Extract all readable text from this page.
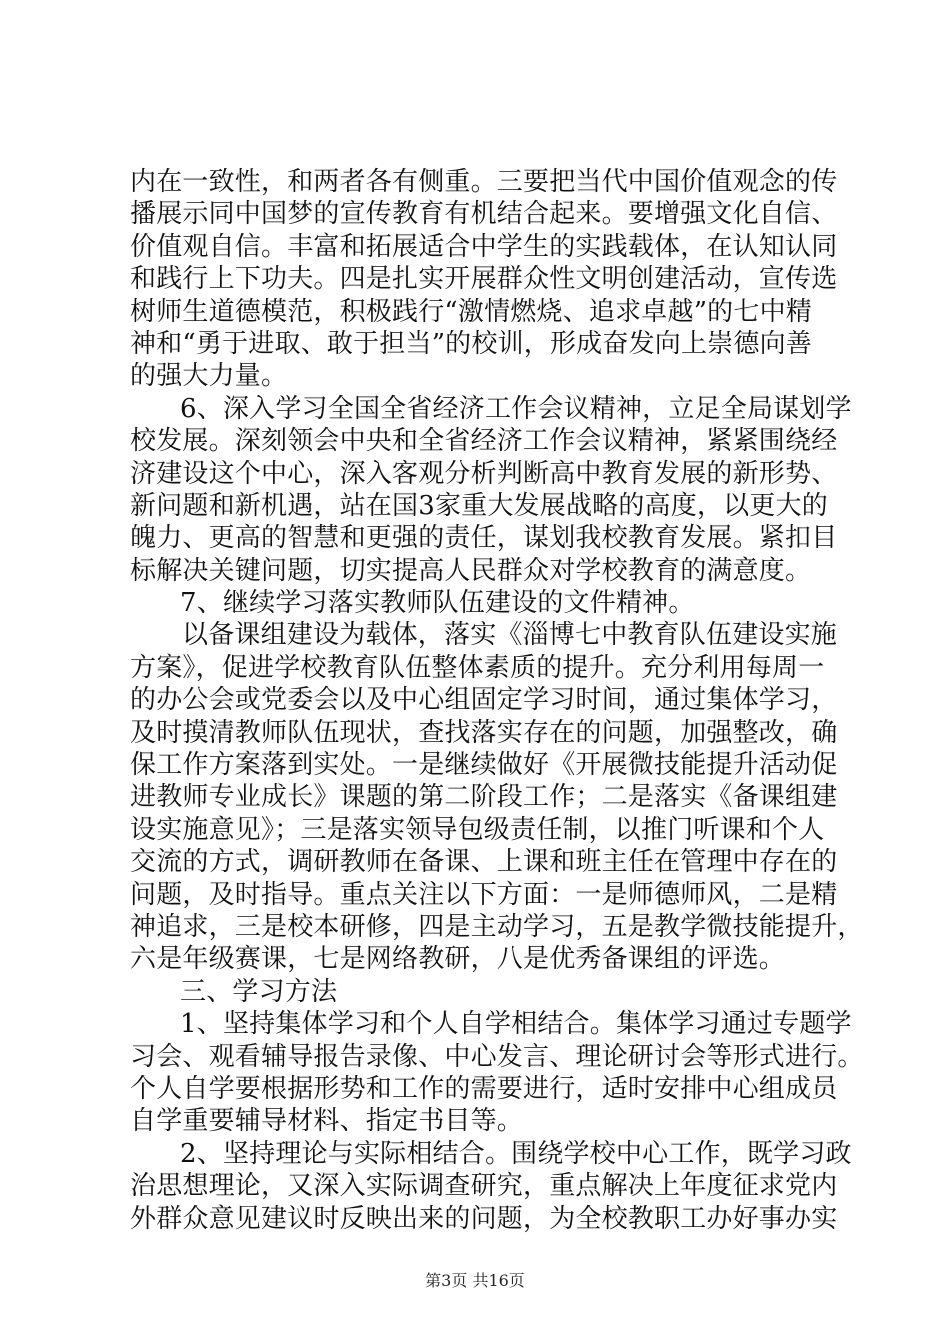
内在一致性，和两者各有侧重。三要把当代中国价值观念的传
播展示同中国梦的宣传教育有机结合起来。要增强文化自信、
价值观自信。丰富和拓展适合中学生的实践载体，在认知认同
和践行上下功夫。四是扎实开展群众性文明创建活动，宣传选
树师生道德模范，积极践行“激情燃烧、追求卓越”的七中精
神和“勇于进取、敢于担当”的校训，形成奋发向上崇德向善
的强大力量。
6、深入学习全国全省经济工作会议精神，立足全局谋划学
校发展。深刻领会中央和全省经济工作会议精神，紧紧围绕经
济建设这个中心，深入客观分析判断高中教育发展的新形势、
新问题和新机遇，站在国3家重大发展战略的高度，以更大的
魄力、更高的智慧和更强的责任，谋划我校教育发展。紧扣目
标解决关键问题，切实提高人民群众对学校教育的满意度。
7、继续学习落实教师队伍建设的文件精神。
以备课组建设为载体，落实《淄博七中教育队伍建设实施
方案》，促进学校教育队伍整体素质的提升。充分利用每周一
的办公会或党委会以及中心组固定学习时间，通过集体学习，
及时摸清教师队伍现状，查找落实存在的问题，加强整改，确
保工作方案落到实处。一是继续做好《开展微技能提升活动促
进教师专业成长》课题的第二阶段工作；二是落实《备课组建
设实施意见》；三是落实领导包级责任制，以推门听课和个人
交流的方式，调研教师在备课、上课和班主任在管理中存在的
问题，及时指导。重点关注以下方面：一是师德师风，二是精
神追求，三是校本研修，四是主动学习，五是教学微技能提升，
六是年级赛课，七是网络教研，八是优秀备课组的评选。
三、学习方法
1、坚持集体学习和个人自学相结合。集体学习通过专题学
习会、观看辅导报告录像、中心发言、理论研讨会等形式进行。
个人自学要根据形势和工作的需要进行，适时安排中心组成员
自学重要辅导材料、指定书目等。
2、坚持理论与实际相结合。围绕学校中心工作，既学习政
治思想理论，又深入实际调查研究，重点解决上年度征求党内
外群众意见建议时反映出来的问题，为全校教职工办好事办实
第3页 共16页
